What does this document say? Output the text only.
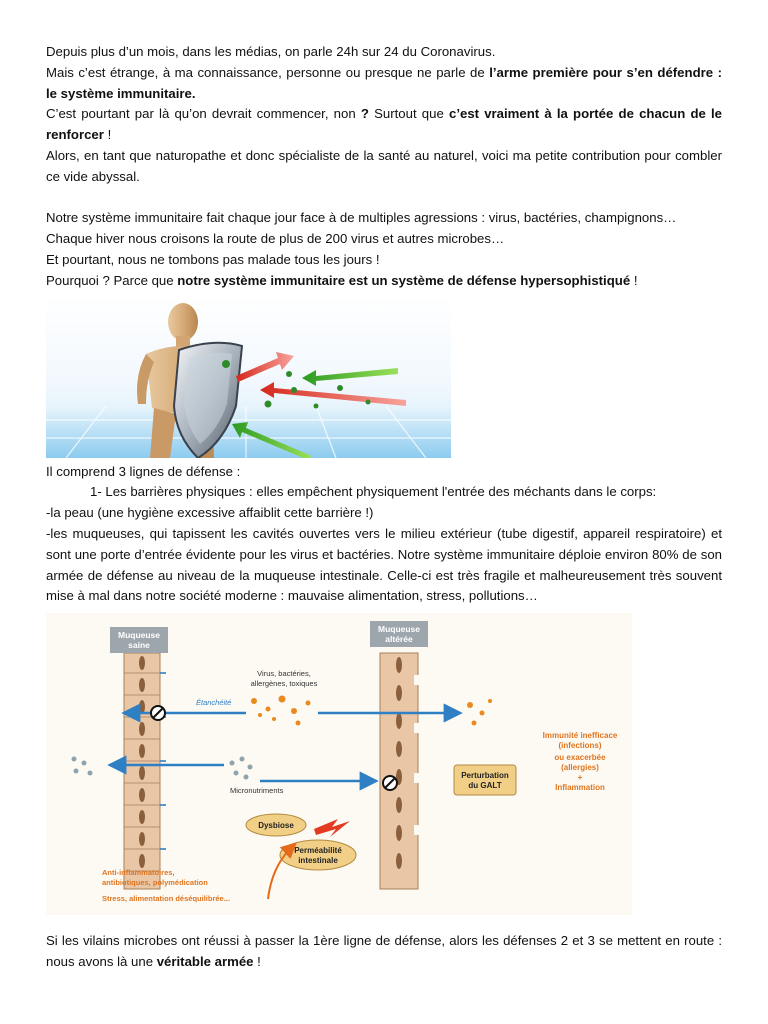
Depuis plus d’un mois, dans les médias, on parle 24h sur 24 du Coronavirus.

Mais c’est étrange, à ma connaissance, personne ou presque ne parle de l’arme première pour s’en défendre : le système immunitaire.

C’est pourtant par là qu’on devrait commencer, non ? Surtout que c’est vraiment à la portée de chacun de le renforcer !

Alors, en tant que naturopathe et donc spécialiste de la santé au naturel, voici ma petite contribution pour combler ce vide abyssal.

Notre système immunitaire fait chaque jour face à de multiples agressions : virus, bactéries, champignons…

Chaque hiver nous croisons la route de plus de 200 virus et autres microbes…

Et pourtant, nous ne tombons pas malade tous les jours !

Pourquoi ? Parce que notre système immunitaire est un système de défense hypersophistiqué !

Il comprend 3 lignes de défense :

1- Les barrières physiques : elles empêchent physiquement l'entrée des méchants dans le corps:

-la peau (une hygiène excessive affaiblit cette barrière !)

-les muqueuses, qui tapissent les cavités ouvertes vers le milieu extérieur (tube digestif, appareil respiratoire) et sont une porte d’entrée évidente pour les virus et bactéries. Notre système immunitaire déploie environ 80% de son armée de défense au niveau de la muqueuse intestinale. Celle-ci est très fragile et malheureusement très souvent mise à mal dans notre société moderne : mauvaise alimentation, stress, pollutions…

Muqueuse
saine
Muqueuse
altérée
Virus, bactéries,
allergènes, toxiques
Étanchéité
Micronutriments
Perturbation
du GALT
Immunité inefficace
(infections)
ou exacerbée
(allergies)
+
Inflammation
Dysbiose
Perméabilité
intestinale
Anti-inflammatoires,
antibiotiques, polymédication
Stress, alimentation déséquilibrée...

Si les vilains microbes ont réussi à passer la 1ère ligne de défense, alors les défenses 2 et 3 se mettent en route : nous avons là une véritable armée !
